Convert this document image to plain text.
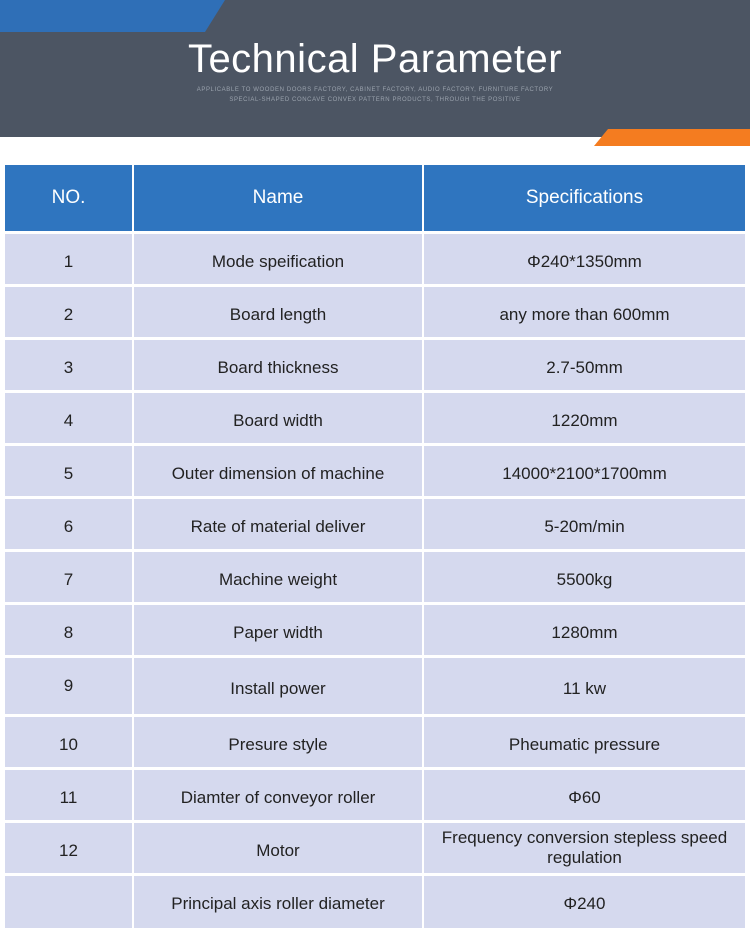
Technical Parameter
APPLICABLE TO WOODEN DOORS FACTORY, CABINET FACTORY, AUDIO FACTORY, FURNITURE FACTORY
SPECIAL-SHAPED CONCAVE CONVEX PATTERN PRODUCTS, THROUGH THE POSITIVE
NO.	Name	Specifications

1	Mode speification	Φ240*1350mm

2	Board length	any more than 600mm

3	Board thickness	2.7-50mm

4	Board width	1220mm

5	Outer dimension of machine	14000*2100*1700mm

6	Rate of material deliver	5-20m/min

7	Machine weight	5500kg

8	Paper width	1280mm

9	Install power	11 kw

10	Presure style	Pheumatic pressure

11	Diamter of conveyor roller	Φ60

12	Motor	Frequency conversion stepless speed regulation

	Principal axis roller diameter	Φ240
